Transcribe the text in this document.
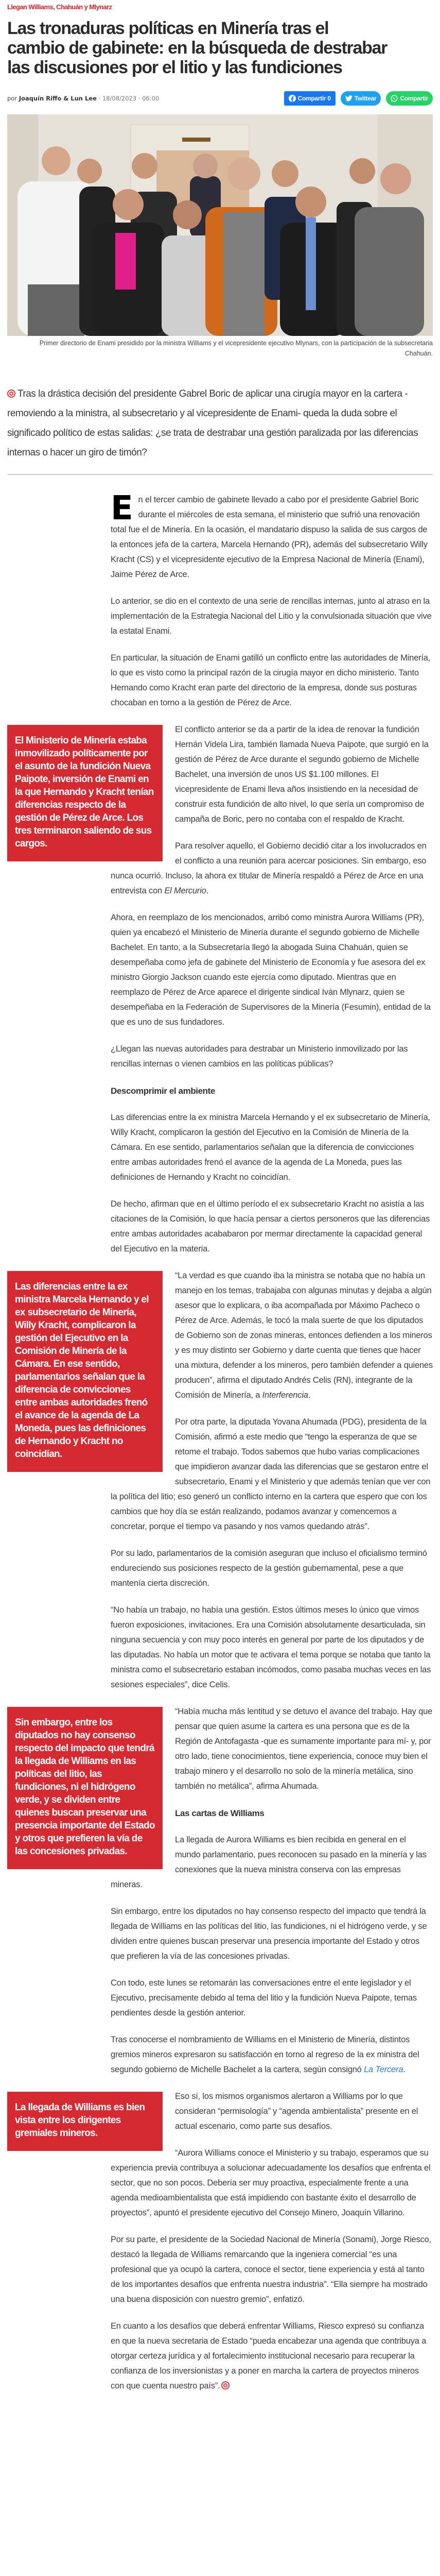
Llegan Williams, Chahuán y Mlynarz
Las tronaduras políticas en Minería tras el cambio de gabinete: en la búsqueda de destrabar las discusiones por el litio y las fundiciones
por Joaquín Riffo & Lun Lee · 18/08/2023 · 06:00	Compartir 0	Twittear	Compartir

Primer directorio de Enami presidido por la ministra Williams y el vicepresidente ejecutivo Mlynars, con la participación de la subsecretaria Chahuán.

Tras la drástica decisión del presidente Gabrel Boric de aplicar una cirugía mayor en la cartera -removiendo a la ministra, al subsecretario y al vicepresidente de Enami- queda la duda sobre el significado político de estas salidas: ¿se trata de destrabar una gestión paralizada por las diferencias internas o hacer un giro de timón?

En el tercer cambio de gabinete llevado a cabo por el presidente Gabriel Boric durante el miércoles de esta semana, el ministerio que sufrió una renovación total fue el de Minería. En la ocasión, el mandatario dispuso la salida de sus cargos de la entonces jefa de la cartera, Marcela Hernando (PR), además del subsecretario Willy Kracht (CS) y el vicepresidente ejecutivo de la Empresa Nacional de Minería (Enami), Jaime Pérez de Arce.

Lo anterior, se dio en el contexto de una serie de rencillas internas, junto al atraso en la implementación de la Estrategia Nacional del Litio y la convulsionada situación que vive la estatal Enami.

En particular, la situación de Enami gatilló un conflicto entre las autoridades de Minería, lo que es visto como la principal razón de la cirugía mayor en dicho ministerio. Tanto Hernando como Kracht eran parte del directorio de la empresa, donde sus posturas chocaban en torno a la gestión de Pérez de Arce.

El Ministerio de Minería estaba inmovilizado políticamente por el asunto de la fundición Nueva Paipote, inversión de Enami en la que Hernando y Kracht tenían diferencias respecto de la gestión de Pérez de Arce. Los tres terminaron saliendo de sus cargos.

El conflicto anterior se da a partir de la idea de renovar la fundición Hernán Videla Lira, también llamada Nueva Paipote, que surgió en la gestión de Pérez de Arce durante el segundo gobierno de Michelle Bachelet, una inversión de unos US $1.100 millones. El vicepresidente de Enami lleva años insistiendo en la necesidad de construir esta fundición de alto nivel, lo que sería un compromiso de campaña de Boric, pero no contaba con el respaldo de Kracht.

Para resolver aquello, el Gobierno decidió citar a los involucrados en el conflicto a una reunión para acercar posiciones. Sin embargo, eso nunca ocurrió. Incluso, la ahora ex titular de Minería respaldó a Pérez de Arce en una entrevista con El Mercurio.

Ahora, en reemplazo de los mencionados, arribó como ministra Aurora Williams (PR), quien ya encabezó el Ministerio de Minería durante el segundo gobierno de Michelle Bachelet. En tanto, a la Subsecretaría llegó la abogada Suina Chahuán, quien se desempeñaba como jefa de gabinete del Ministerio de Economía y fue asesora del ex ministro Giorgio Jackson cuando este ejercía como diputado. Mientras que en reemplazo de Pérez de Arce aparece el dirigente sindical Iván Mlynarz, quien se desempeñaba en la Federación de Supervisores de la Minería (Fesumin), entidad de la que es uno de sus fundadores.

¿Llegan las nuevas autoridades para destrabar un Ministerio inmovilizado por las rencillas internas o vienen cambios en las políticas públicas?

Descomprimir el ambiente

Las diferencias entre la ex ministra Marcela Hernando y el ex subsecretario de Minería, Willy Kracht, complicaron la gestión del Ejecutivo en la Comisión de Minería de la Cámara. En ese sentido, parlamentarios señalan que la diferencia de convicciones entre ambas autoridades frenó el avance de la agenda de La Moneda, pues las definiciones de Hernando y Kracht no coincidían.

De hecho, afirman que en el último período el ex subsecretario Kracht no asistía a las citaciones de la Comisión, lo que hacía pensar a ciertos personeros que las diferencias entre ambas autoridades acababaron por mermar directamente la capacidad general del Ejecutivo en la materia.

Las diferencias entre la ex ministra Marcela Hernando y el ex subsecretario de Minería, Willy Kracht, complicaron la gestión del Ejecutivo en la Comisión de Minería de la Cámara. En ese sentido, parlamentarios señalan que la diferencia de convicciones entre ambas autoridades frenó el avance de la agenda de La Moneda, pues las definiciones de Hernando y Kracht no coincidían.

“La verdad es que cuando iba la ministra se notaba que no había un manejo en los temas, trabajaba con algunas minutas y dejaba a algún asesor que lo explicara, o iba acompañada por Máximo Pacheco o Pérez de Arce. Además, le tocó la mala suerte de que los diputados de Gobierno son de zonas mineras, entonces defienden a los mineros y es muy distinto ser Gobierno y darte cuenta que tienes que hacer una mixtura, defender a los mineros, pero también defender a quienes producen”, afirma el diputado Andrés Celis (RN), integrante de la Comisión de Minería, a Interferencia.

Por otra parte, la diputada Yovana Ahumada (PDG), presidenta de la Comisión, afirmó a este medio que “tengo la esperanza de que se retome el trabajo. Todos sabemos que hubo varias complicaciones que impidieron avanzar dada las diferencias que se gestaron entre el subsecretario, Enami y el Ministerio y que además tenían que ver con la política del litio; eso generó un conflicto interno en la cartera que espero que con los cambios que hoy día se están realizando, podamos avanzar y comencemos a concretar, porque el tiempo va pasando y nos vamos quedando atrás”.

Por su lado, parlamentarios de la comisión aseguran que incluso el oficialismo terminó endureciendo sus posiciones respecto de la gestión gubernamental, pese a que mantenía cierta discreción.

“No había un trabajo, no había una gestión. Estos últimos meses lo único que vimos fueron exposiciones, invitaciones. Era una Comisión absolutamente desarticulada, sin ninguna secuencia y con muy poco interés en general por parte de los diputados y de las diputadas. No había un motor que te activara el tema porque se notaba que tanto la ministra como el subsecretario estaban incómodos, como pasaba muchas veces en las sesiones especiales”, dice Celis.

Sin embargo, entre los diputados no hay consenso respecto del impacto que tendrá la llegada de Williams en las políticas del litio, las fundiciones, ni el hidrógeno verde, y se dividen entre quienes buscan preservar una presencia importante del Estado y otros que prefieren la vía de las concesiones privadas.

“Había mucha más lentitud y se detuvo el avance del trabajo. Hay que pensar que quien asume la cartera es una persona que es de la Región de Antofagasta -que es sumamente importante para mí- y, por otro lado, tiene conocimientos, tiene experiencia, conoce muy bien el trabajo minero y el desarrollo no solo de la minería metálica, sino también no metálica”, afirma Ahumada.

Las cartas de Williams

La llegada de Aurora Williams es bien recibida en general en el mundo parlamentario, pues reconocen su pasado en la minería y las conexiones que la nueva ministra conserva con las empresas mineras.

Sin embargo, entre los diputados no hay consenso respecto del impacto que tendrá la llegada de Williams en las políticas del litio, las fundiciones, ni el hidrógeno verde, y se dividen entre quienes buscan preservar una presencia importante del Estado y otros que prefieren la vía de las concesiones privadas.

Con todo, este lunes se retomarán las conversaciones entre el ente legislador y el Ejecutivo, precisamente debido al tema del litio y la fundición Nueva Paipote, temas pendientes desde la gestión anterior.

Tras conocerse el nombramiento de Williams en el Ministerio de Minería, distintos gremios mineros expresaron su satisfacción en torno al regreso de la ex ministra del segundo gobierno de Michelle Bachelet a la cartera, según consignó La Tercera.

La llegada de Williams es bien vista entre los dirigentes gremiales mineros.

Eso sí, los mismos organismos alertaron a Williams por lo que consideran “permisología” y “agenda ambientalista” presente en el actual escenario, como parte sus desafíos.

“Aurora Williams conoce el Ministerio y su trabajo, esperamos que su experiencia previa contribuya a solucionar adecuadamente los desafíos que enfrenta el sector, que no son pocos. Debería ser muy proactiva, especialmente frente a una agenda medioambientalista que está impidiendo con bastante éxito el desarrollo de proyectos”, apuntó el presidente ejecutivo del Consejo Minero, Joaquín Villarino.

Por su parte, el presidente de la Sociedad Nacional de Minería (Sonami), Jorge Riesco, destacó la llegada de Williams remarcando que la ingeniera comercial “es una profesional que ya ocupó la cartera, conoce el sector, tiene experiencia y está al tanto de los importantes desafíos que enfrenta nuestra industria”. “Ella siempre ha mostrado una buena disposición con nuestro gremio”, enfatizó.

En cuanto a los desafíos que deberá enfrentar Williams, Riesco expresó su confianza en que la nueva secretaria de Estado “pueda encabezar una agenda que contribuya a otorgar certeza jurídica y al fortalecimiento institucional necesario para recuperar la confianza de los inversionistas y a poner en marcha la cartera de proyectos mineros con que cuenta nuestro país”.
